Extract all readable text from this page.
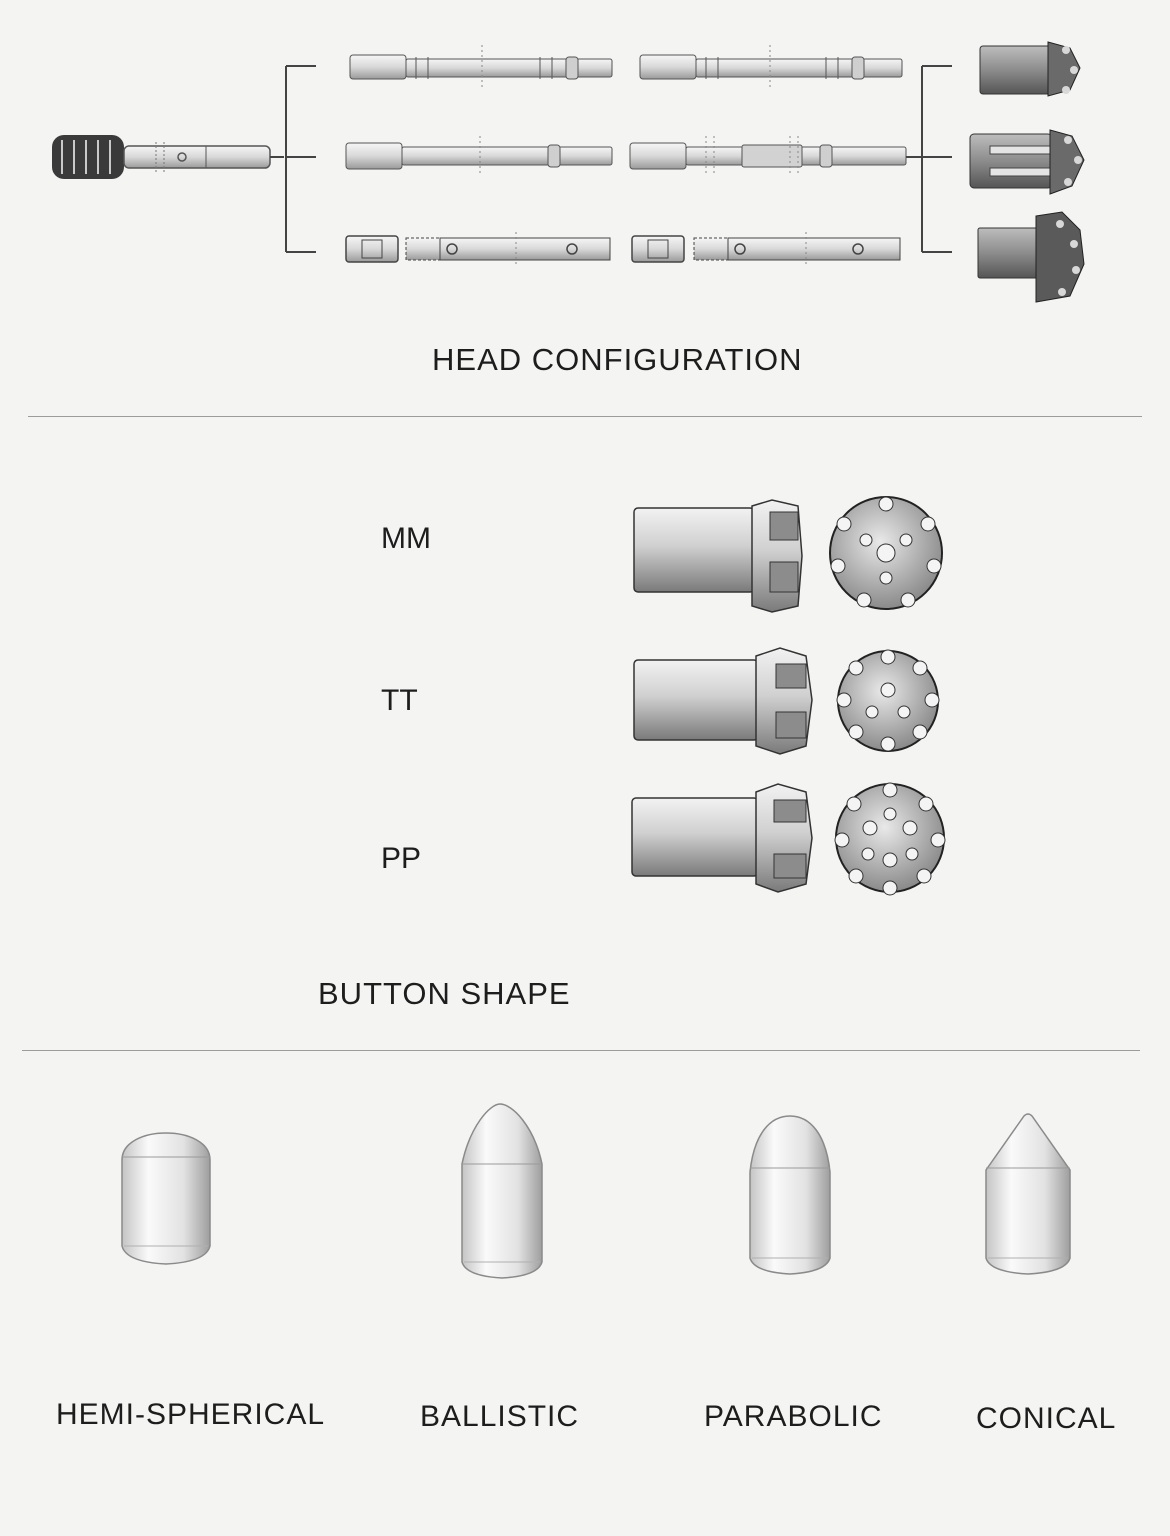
HEAD CONFIGURATION
MM
TT
PP
BUTTON SHAPE
HEMI-SPHERICAL	BALLISTIC	PARABOLIC	CONICAL
